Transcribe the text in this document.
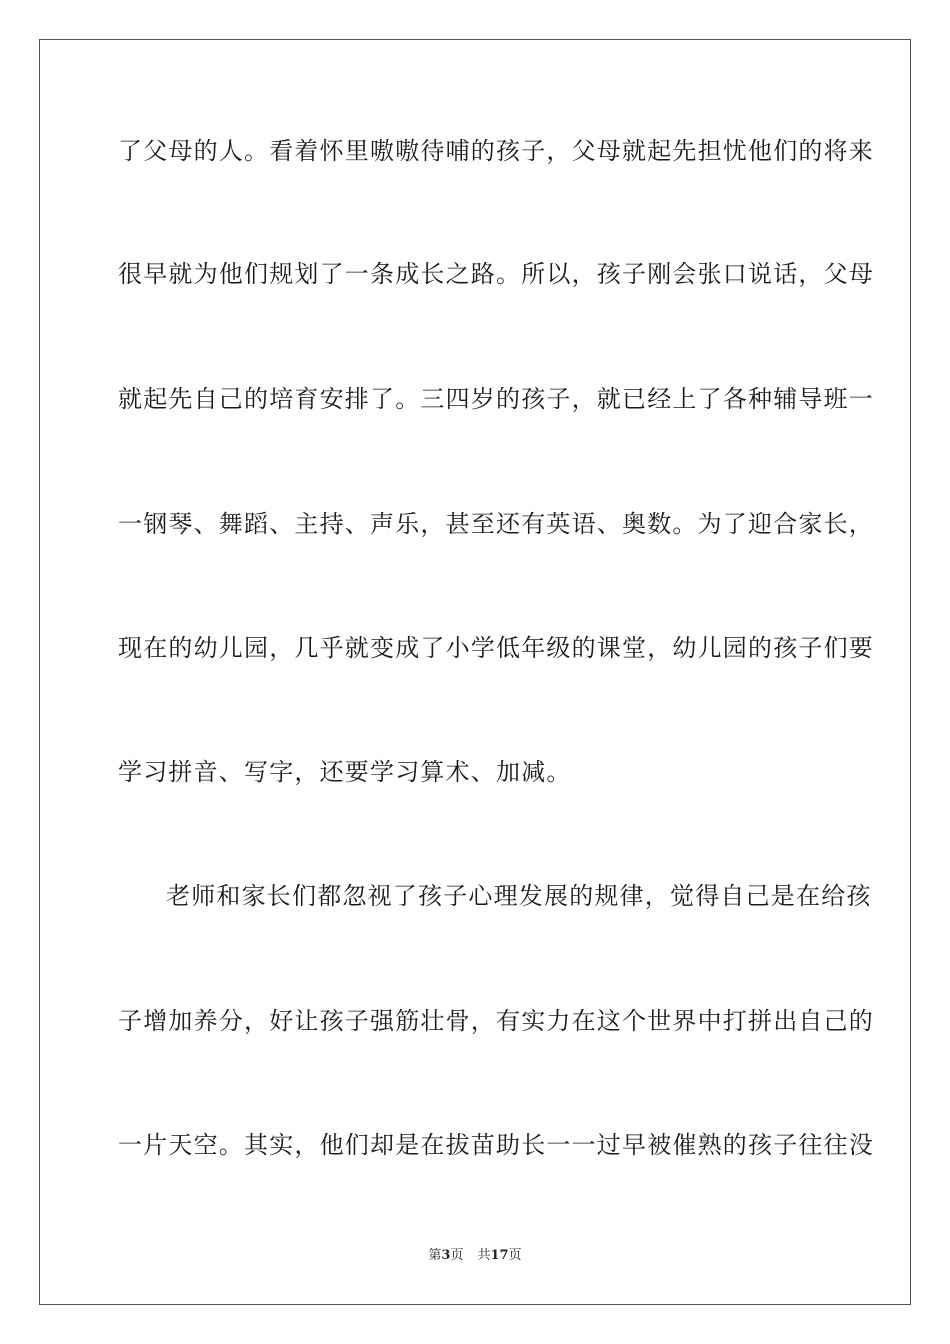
了父母的人。看着怀里嗷嗷待哺的孩子，父母就起先担忧他们的将来
很早就为他们规划了一条成长之路。所以，孩子刚会张口说话，父母
就起先自己的培育安排了。三四岁的孩子，就已经上了各种辅导班一
一钢琴、舞蹈、主持、声乐，甚至还有英语、奥数。为了迎合家长，
现在的幼儿园，几乎就变成了小学低年级的课堂，幼儿园的孩子们要
学习拼音、写字，还要学习算术、加减。
老师和家长们都忽视了孩子心理发展的规律，觉得自己是在给孩
子增加养分，好让孩子强筋壮骨，有实力在这个世界中打拼出自己的
一片天空。其实，他们却是在拔苗助长一一过早被催熟的孩子往往没
第3页 共17页
